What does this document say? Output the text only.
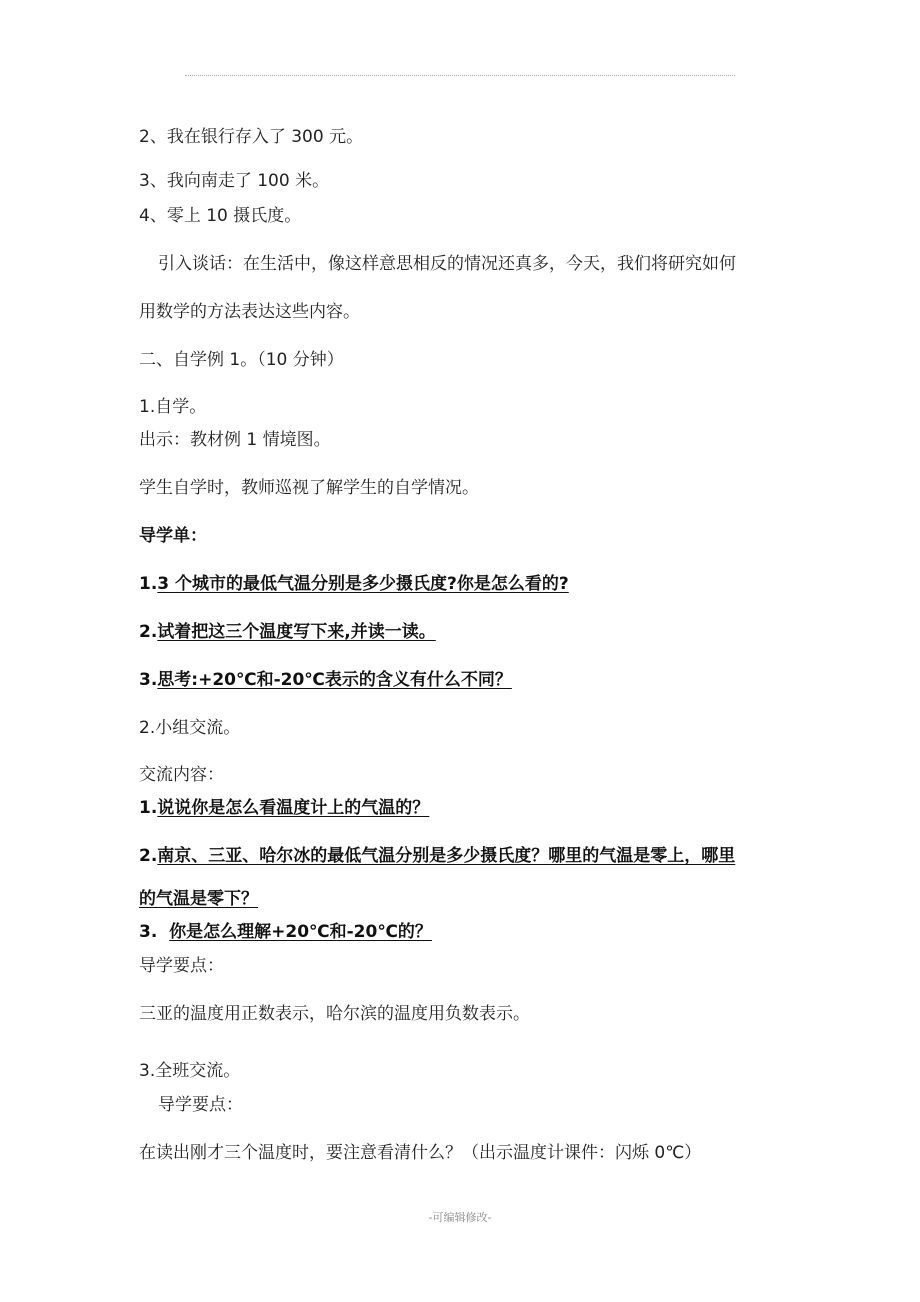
2、我在银行存入了 300 元。
3、我向南走了 100 米。
4、零上 10 摄氏度。
引入谈话：在生活中，像这样意思相反的情况还真多，今天，我们将研究如何
用数学的方法表达这些内容。
二、自学例 1。（10 分钟）
1.自学。
出示：教材例 1 情境图。
学生自学时，教师巡视了解学生的自学情况。
导学单：
1.3 个城市的最低气温分别是多少摄氏度?你是怎么看的?
2.试着把这三个温度写下来,并读一读。
3.思考:+20℃和-20℃表示的含义有什么不同？
2.小组交流。
交流内容：
1.说说你是怎么看温度计上的气温的？
2.南京、三亚、哈尔冰的最低气温分别是多少摄氏度？哪里的气温是零上，哪里
的气温是零下？
3. 你是怎么理解+20℃和-20℃的？
导学要点：
三亚的温度用正数表示，哈尔滨的温度用负数表示。
3.全班交流。
导学要点：
在读出刚才三个温度时，要注意看清什么？（出示温度计课件：闪烁 0℃）
-可编辑修改-
